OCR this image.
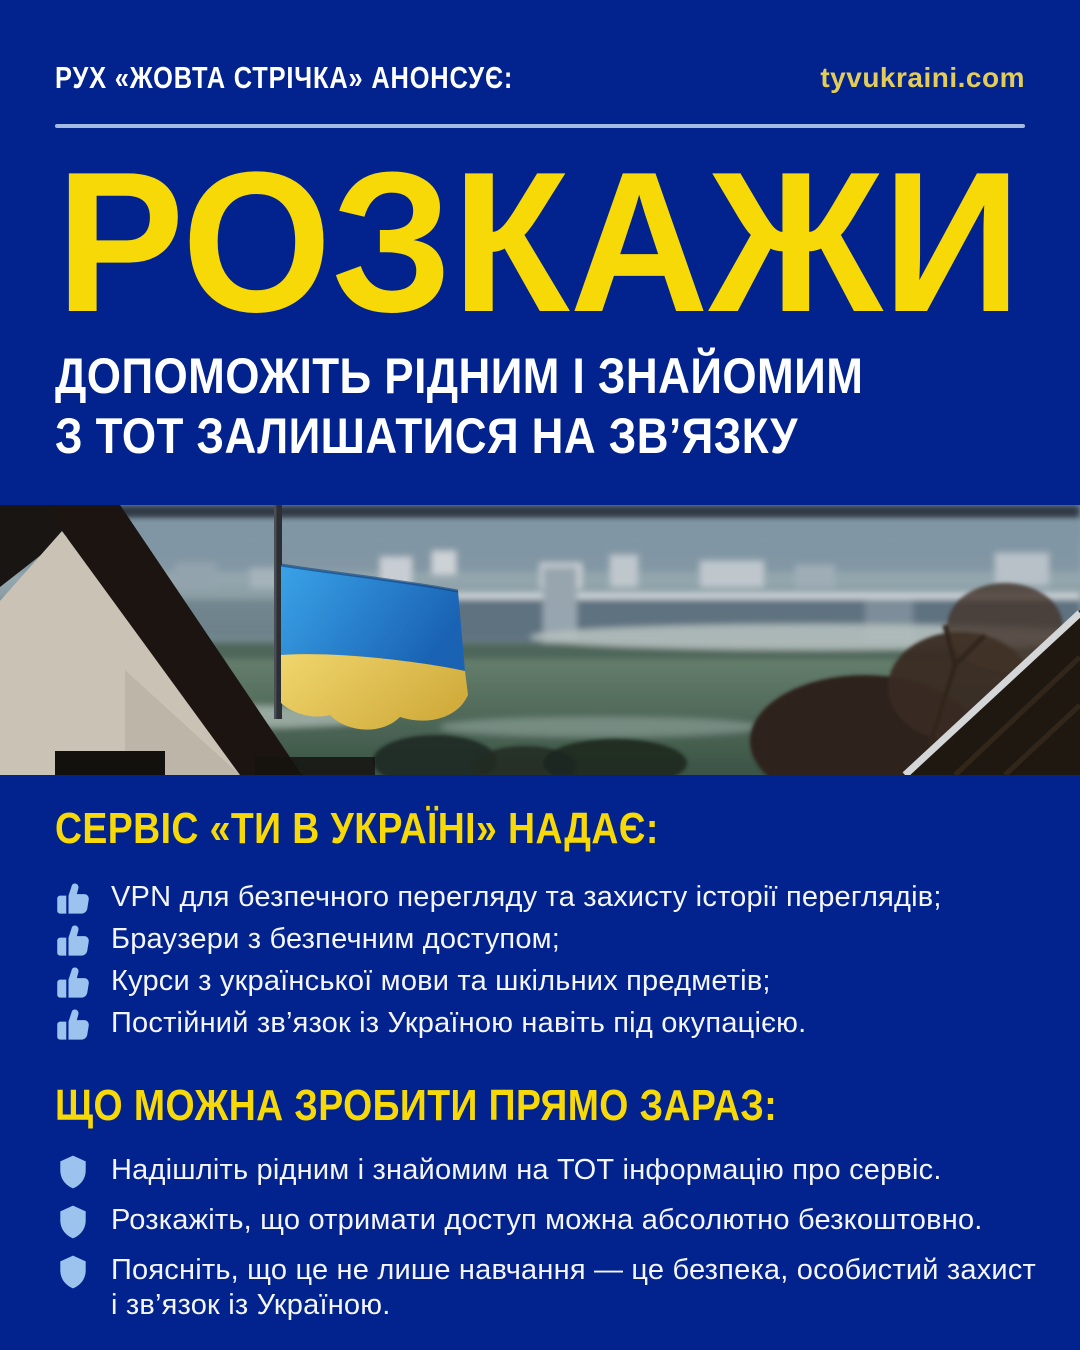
РУХ «ЖОВТА СТРІЧКА» АНОНСУЄ:	tyvukraini.com
РОЗКАЖИ
ДОПОМОЖІТЬ РІДНИМ І ЗНАЙОМИМ
З ТОТ ЗАЛИШАТИСЯ НА ЗВ’ЯЗКУ
СЕРВІС «ТИ В УКРАЇНІ» НАДАЄ:
VPN для безпечного перегляду та захисту історії переглядів;
Браузери з безпечним доступом;
Курси з української мови та шкільних предметів;
Постійний зв’язок із Україною навіть під окупацією.
ЩО МОЖНА ЗРОБИТИ ПРЯМО ЗАРАЗ:
Надішліть рідним і знайомим на ТОТ інформацію про сервіс.
Розкажіть, що отримати доступ можна абсолютно безкоштовно.
Поясніть, що це не лише навчання — це безпека, особистий захист і зв’язок із Україною.
